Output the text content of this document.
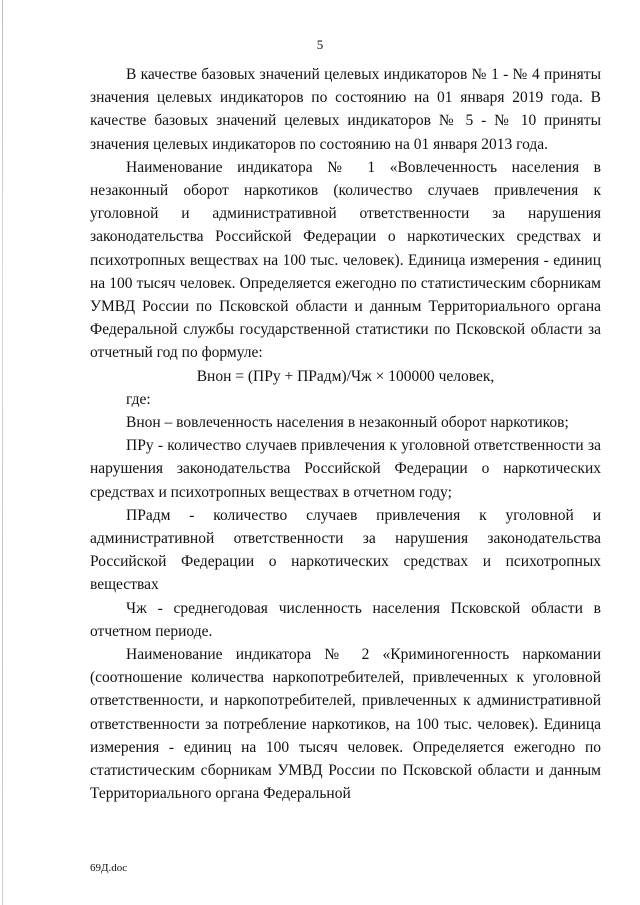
5

В качестве базовых значений целевых индикаторов № 1 - № 4 приняты значения целевых индикаторов по состоянию на 01 января 2019 года. В качестве базовых значений целевых индикаторов № 5 - № 10 приняты значения целевых индикаторов по состоянию на 01 января 2013 года.

Наименование индикатора № 1 «Вовлеченность населения в незаконный оборот наркотиков (количество случаев привлечения к уголовной и административной ответственности за нарушения законодательства Российской Федерации о наркотических средствах и психотропных веществах на 100 тыс. человек). Единица измерения - единиц на 100 тысяч человек. Определяется ежегодно по статистическим сборникам УМВД России по Псковской области и данным Территориального органа Федеральной службы государственной статистики по Псковской области за отчетный год по формуле:

Внон = (ПРу + ПРадм)/Чж × 100000 человек,

где:

Внон – вовлеченность населения в незаконный оборот наркотиков;

ПРу - количество случаев привлечения к уголовной ответственности за нарушения законодательства Российской Федерации о наркотических средствах и психотропных веществах в отчетном году;

ПРадм - количество случаев привлечения к уголовной и административной ответственности за нарушения законодательства Российской Федерации о наркотических средствах и психотропных веществах

Чж - среднегодовая численность населения Псковской области в отчетном периоде.

Наименование индикатора № 2 «Криминогенность наркомании (соотношение количества наркопотребителей, привлеченных к уголовной ответственности, и наркопотребителей, привлеченных к административной ответственности за потребление наркотиков, на 100 тыс. человек). Единица измерения - единиц на 100 тысяч человек. Определяется ежегодно по статистическим сборникам УМВД России по Псковской области и данным Территориального органа Федеральной

69Д.doc
